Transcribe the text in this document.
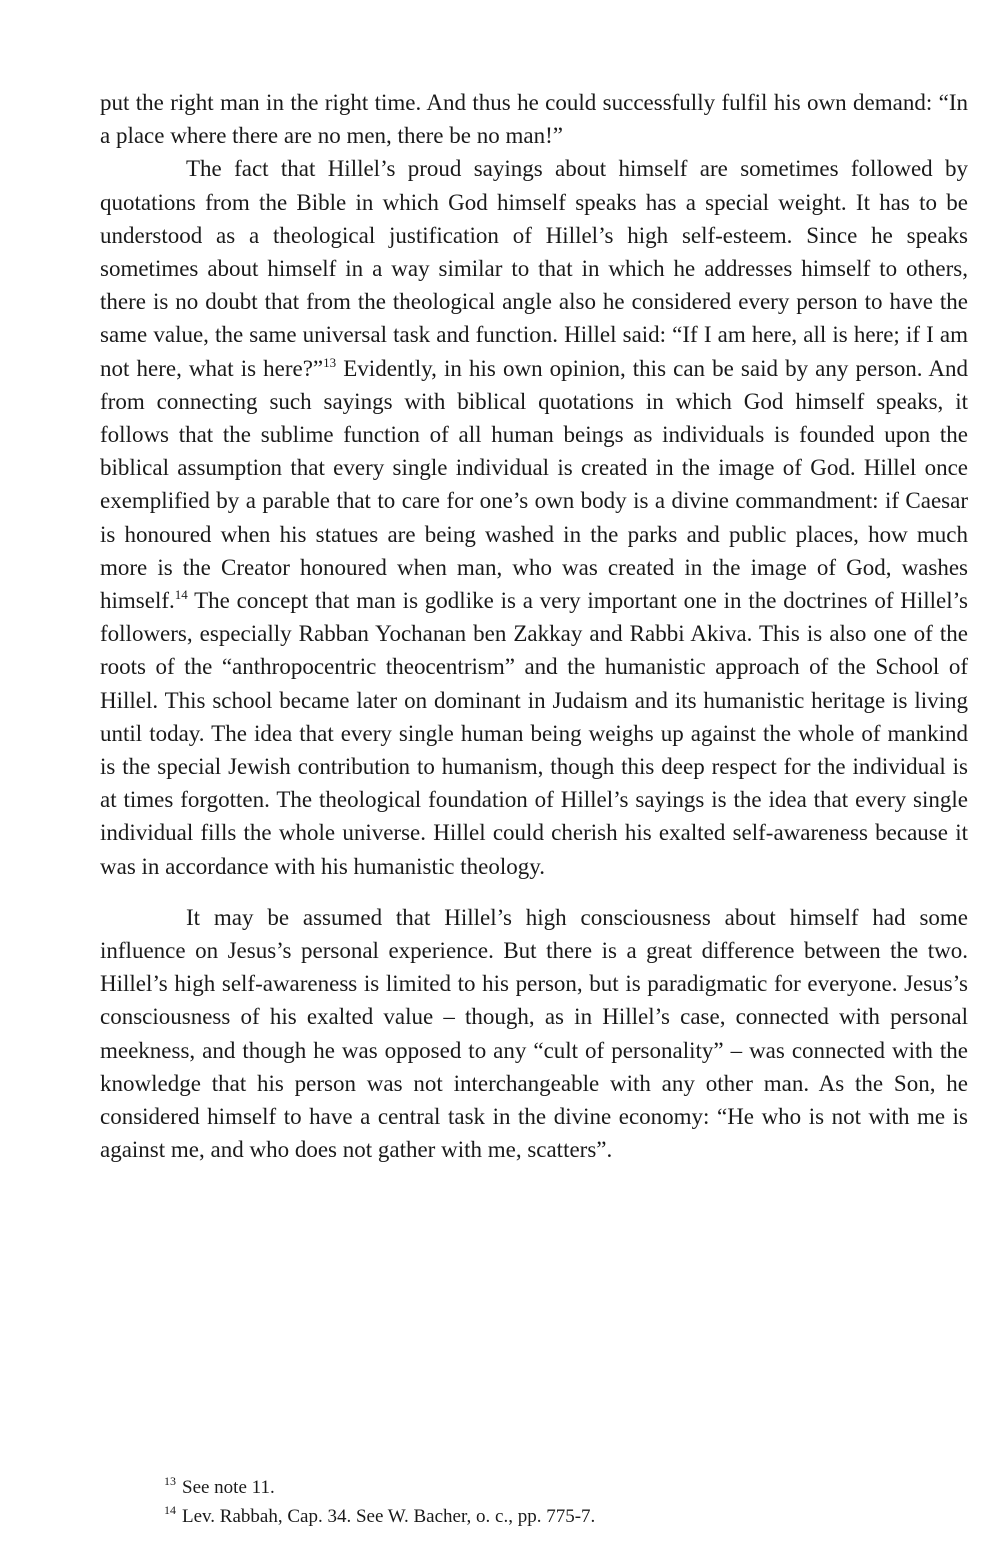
put the right man in the right time. And thus he could successfully fulfil his own demand: “In a place where there are no men, there be no man!”

The fact that Hillel’s proud sayings about himself are sometimes followed by quotations from the Bible in which God himself speaks has a special weight. It has to be understood as a theological justification of Hillel’s high self-esteem. Since he speaks sometimes about himself in a way similar to that in which he addresses himself to others, there is no doubt that from the theological angle also he considered every person to have the same value, the same universal task and function. Hillel said: “If I am here, all is here; if I am not here, what is here?”$^{13}$ Evidently, in his own opinion, this can be said by any person. And from connecting such sayings with biblical quotations in which God himself speaks, it follows that the sublime function of all human beings as individuals is founded upon the biblical assumption that every single individual is created in the image of God. Hillel once exemplified by a parable that to care for one’s own body is a divine commandment: if Caesar is honoured when his statues are being washed in the parks and public places, how much more is the Creator honoured when man, who was created in the image of God, washes himself.$^{14}$ The concept that man is godlike is a very important one in the doctrines of Hillel’s followers, especially Rabban Yochanan ben Zakkay and Rabbi Akiva. This is also one of the roots of the “anthropocentric theocentrism” and the humanistic approach of the School of Hillel. This school became later on dominant in Judaism and its humanistic heritage is living until today. The idea that every single human being weighs up against the whole of mankind is the special Jewish contribution to humanism, though this deep respect for the individual is at times forgotten. The theological foundation of Hillel’s sayings is the idea that every single individual fills the whole universe. Hillel could cherish his exalted self-awareness because it was in accordance with his humanistic theology.

It may be assumed that Hillel’s high consciousness about himself had some influence on Jesus’s personal experience. But there is a great difference between the two. Hillel’s high self-awareness is limited to his person, but is paradigmatic for everyone. Jesus’s consciousness of his exalted value – though, as in Hillel’s case, connected with personal meekness, and though he was opposed to any “cult of personality” – was connected with the knowledge that his person was not interchangeable with any other man. As the Son, he considered himself to have a central task in the divine economy: “He who is not with me is against me, and who does not gather with me, scatters”.

$^{13}$ See note 11.

$^{14}$ Lev. Rabbah, Cap. 34. See W. Bacher, o. c., pp. 775-7.
